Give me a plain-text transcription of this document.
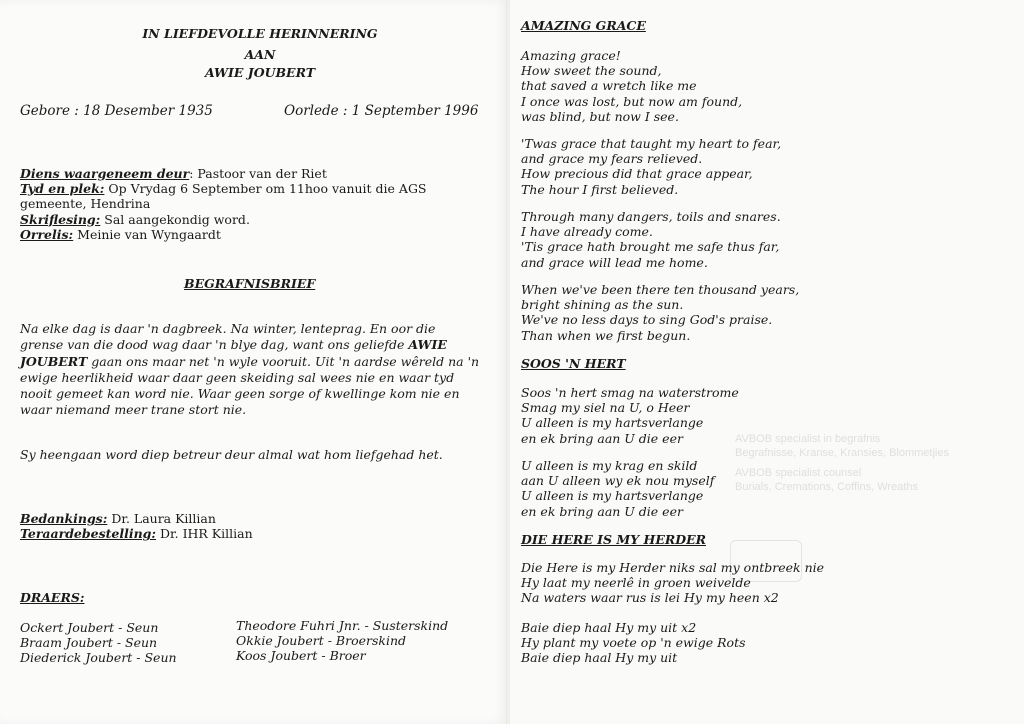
AVBOB specialist in begrafnis
Begrafnisse, Kranse, Kransies, Blommetjies
AVBOB specialist counsel
Burials, Cremations, Coffins, Wreaths
IN LIEFDEVOLLE HERINNERING
AAN
AWIE JOUBERT
Gebore : 18 Desember 1935	Oorlede : 1 September 1996
Diens waargeneem deur: Pastoor van der Riet
Tyd en plek: Op Vrydag 6 September om 11hoo vanuit die AGS
gemeente, Hendrina
Skriflesing: Sal aangekondig word.
Orrelis: Meinie van Wyngaardt
BEGRAFNISBRIEF
Na elke dag is daar 'n dagbreek. Na winter, lenteprag. En oor die grense van die dood wag daar 'n blye dag, want ons geliefde AWIE JOUBERT gaan ons maar net 'n wyle vooruit. Uit 'n aardse wêreld na 'n ewige heerlikheid waar daar geen skeiding sal wees nie en waar tyd nooit gemeet kan word nie. Waar geen sorge of kwellinge kom nie en waar niemand meer trane stort nie.
Sy heengaan word diep betreur deur almal wat hom liefgehad het.
Bedankings: Dr. Laura Killian
Teraardebestelling: Dr. IHR Killian
DRAERS:
Ockert Joubert - Seun
Braam Joubert - Seun
Diederick Joubert - Seun
Theodore Fuhri Jnr. - Susterskind
Okkie Joubert - Broerskind
Koos Joubert - Broer
AMAZING GRACE
Amazing grace!
How sweet the sound,
that saved a wretch like me
I once was lost, but now am found,
was blind, but now I see.
'Twas grace that taught my heart to fear,
and grace my fears relieved.
How precious did that grace appear,
The hour I first believed.
Through many dangers, toils and snares.
I have already come.
'Tis grace hath brought me safe thus far,
and grace will lead me home.
When we've been there ten thousand years,
bright shining as the sun.
We've no less days to sing God's praise.
Than when we first begun.
SOOS 'N HERT
Soos 'n hert smag na waterstrome
Smag my siel na U, o Heer
U alleen is my hartsverlange
en ek bring aan U die eer
U alleen is my krag en skild
aan U alleen wy ek nou myself
U alleen is my hartsverlange
en ek bring aan U die eer
DIE HERE IS MY HERDER
Die Here is my Herder niks sal my ontbreek nie
Hy laat my neerlê in groen weivelde
Na waters waar rus is lei Hy my heen x2
Baie diep haal Hy my uit x2
Hy plant my voete op 'n ewige Rots
Baie diep haal Hy my uit
